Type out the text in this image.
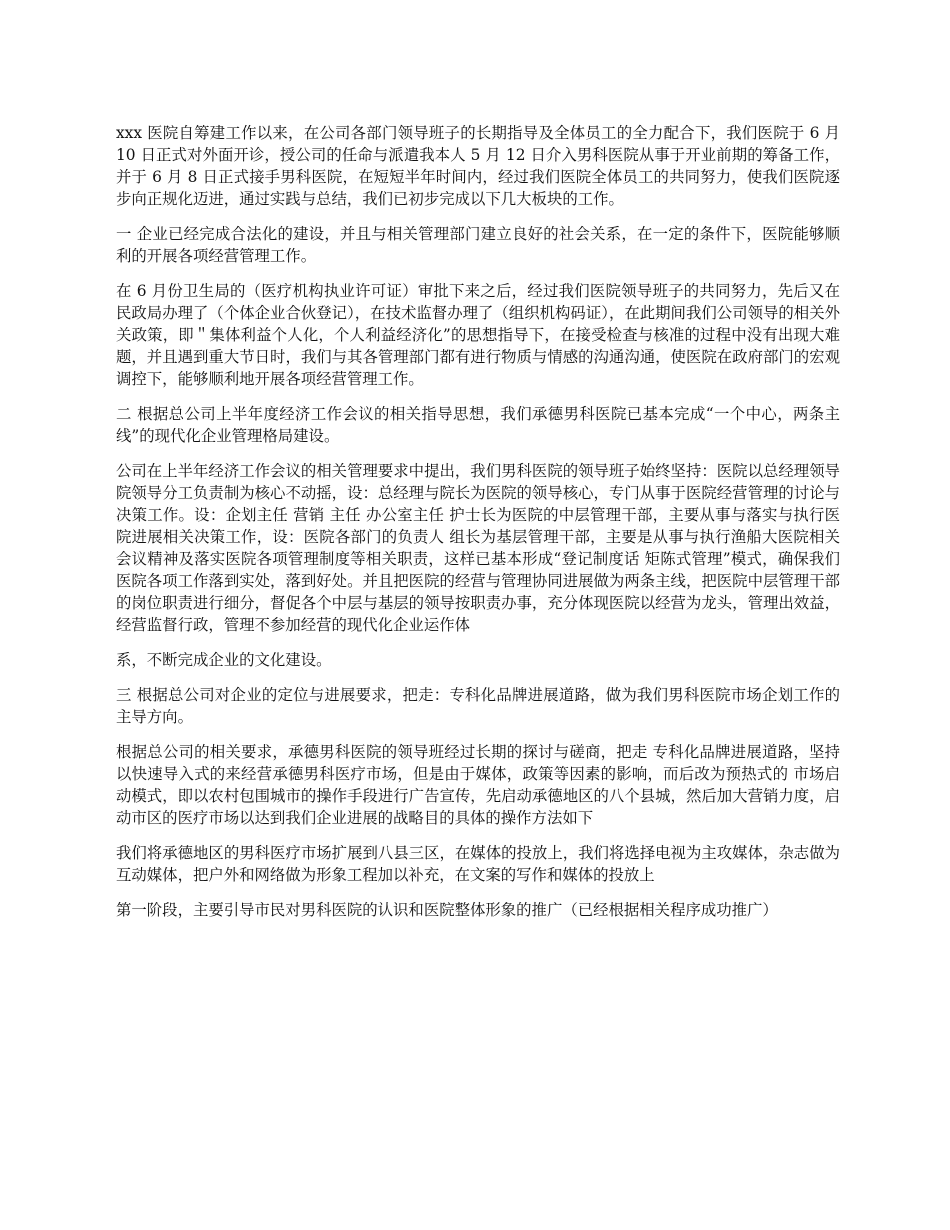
xxx 医院自筹建工作以来，在公司各部门领导班子的长期指导及全体员工的全力配合下，我们医院于 6 月 10 日正式对外面开诊，授公司的任命与派遣我本人 5 月 12 日介入男科医院从事于开业前期的筹备工作，并于 6 月 8 日正式接手男科医院，在短短半年时间内，经过我们医院全体员工的共同努力，使我们医院逐步向正规化迈进，通过实践与总结，我们已初步完成以下几大板块的工作。

一 企业已经完成合法化的建设，并且与相关管理部门建立良好的社会关系，在一定的条件下，医院能够顺利的开展各项经营管理工作。

在 6 月份卫生局的（医疗机构执业许可证）审批下来之后，经过我们医院领导班子的共同努力，先后又在民政局办理了（个体企业合伙登记），在技术监督办理了（组织机构码证），在此期间我们公司领导的相关外关政策，即＂集体利益个人化，个人利益经济化”的思想指导下，在接受检查与核准的过程中没有出现大难题，并且遇到重大节日时，我们与其各管理部门都有进行物质与情感的沟通沟通，使医院在政府部门的宏观调控下，能够顺利地开展各项经营管理工作。

二 根据总公司上半年度经济工作会议的相关指导思想，我们承德男科医院已基本完成“一个中心，两条主线”的现代化企业管理格局建设。

公司在上半年经济工作会议的相关管理要求中提出，我们男科医院的领导班子始终坚持：医院以总经理领导 院领导分工负责制为核心不动摇，设：总经理与院长为医院的领导核心，专门从事于医院经营管理的讨论与决策工作。设：企划主任 营销 主任 办公室主任 护士长为医院的中层管理干部，主要从事与落实与执行医院进展相关决策工作，设：医院各部门的负责人 组长为基层管理干部，主要是从事与执行渔船大医院相关会议精神及落实医院各项管理制度等相关职责，这样已基本形成“登记制度话 矩陈式管理”模式，确保我们医院各项工作落到实处，落到好处。并且把医院的经营与管理协同进展做为两条主线，把医院中层管理干部的岗位职责进行细分，督促各个中层与基层的领导按职责办事，充分体现医院以经营为龙头，管理出效益，经营监督行政，管理不参加经营的现代化企业运作体

系，不断完成企业的文化建设。

三 根据总公司对企业的定位与进展要求，把走：专科化品牌进展道路，做为我们男科医院市场企划工作的主导方向。

根据总公司的相关要求，承德男科医院的领导班经过长期的探讨与磋商，把走 专科化品牌进展道路，坚持以快速导入式的来经营承德男科医疗市场，但是由于媒体，政策等因素的影响，而后改为预热式的 市场启动模式，即以农村包围城市的操作手段进行广告宣传，先启动承德地区的八个县城，然后加大营销力度，启动市区的医疗市场以达到我们企业进展的战略目的具体的操作方法如下

我们将承德地区的男科医疗市场扩展到八县三区，在媒体的投放上，我们将选择电视为主攻媒体，杂志做为互动媒体，把户外和网络做为形象工程加以补充，在文案的写作和媒体的投放上

第一阶段，主要引导市民对男科医院的认识和医院整体形象的推广（已经根据相关程序成功推广）
